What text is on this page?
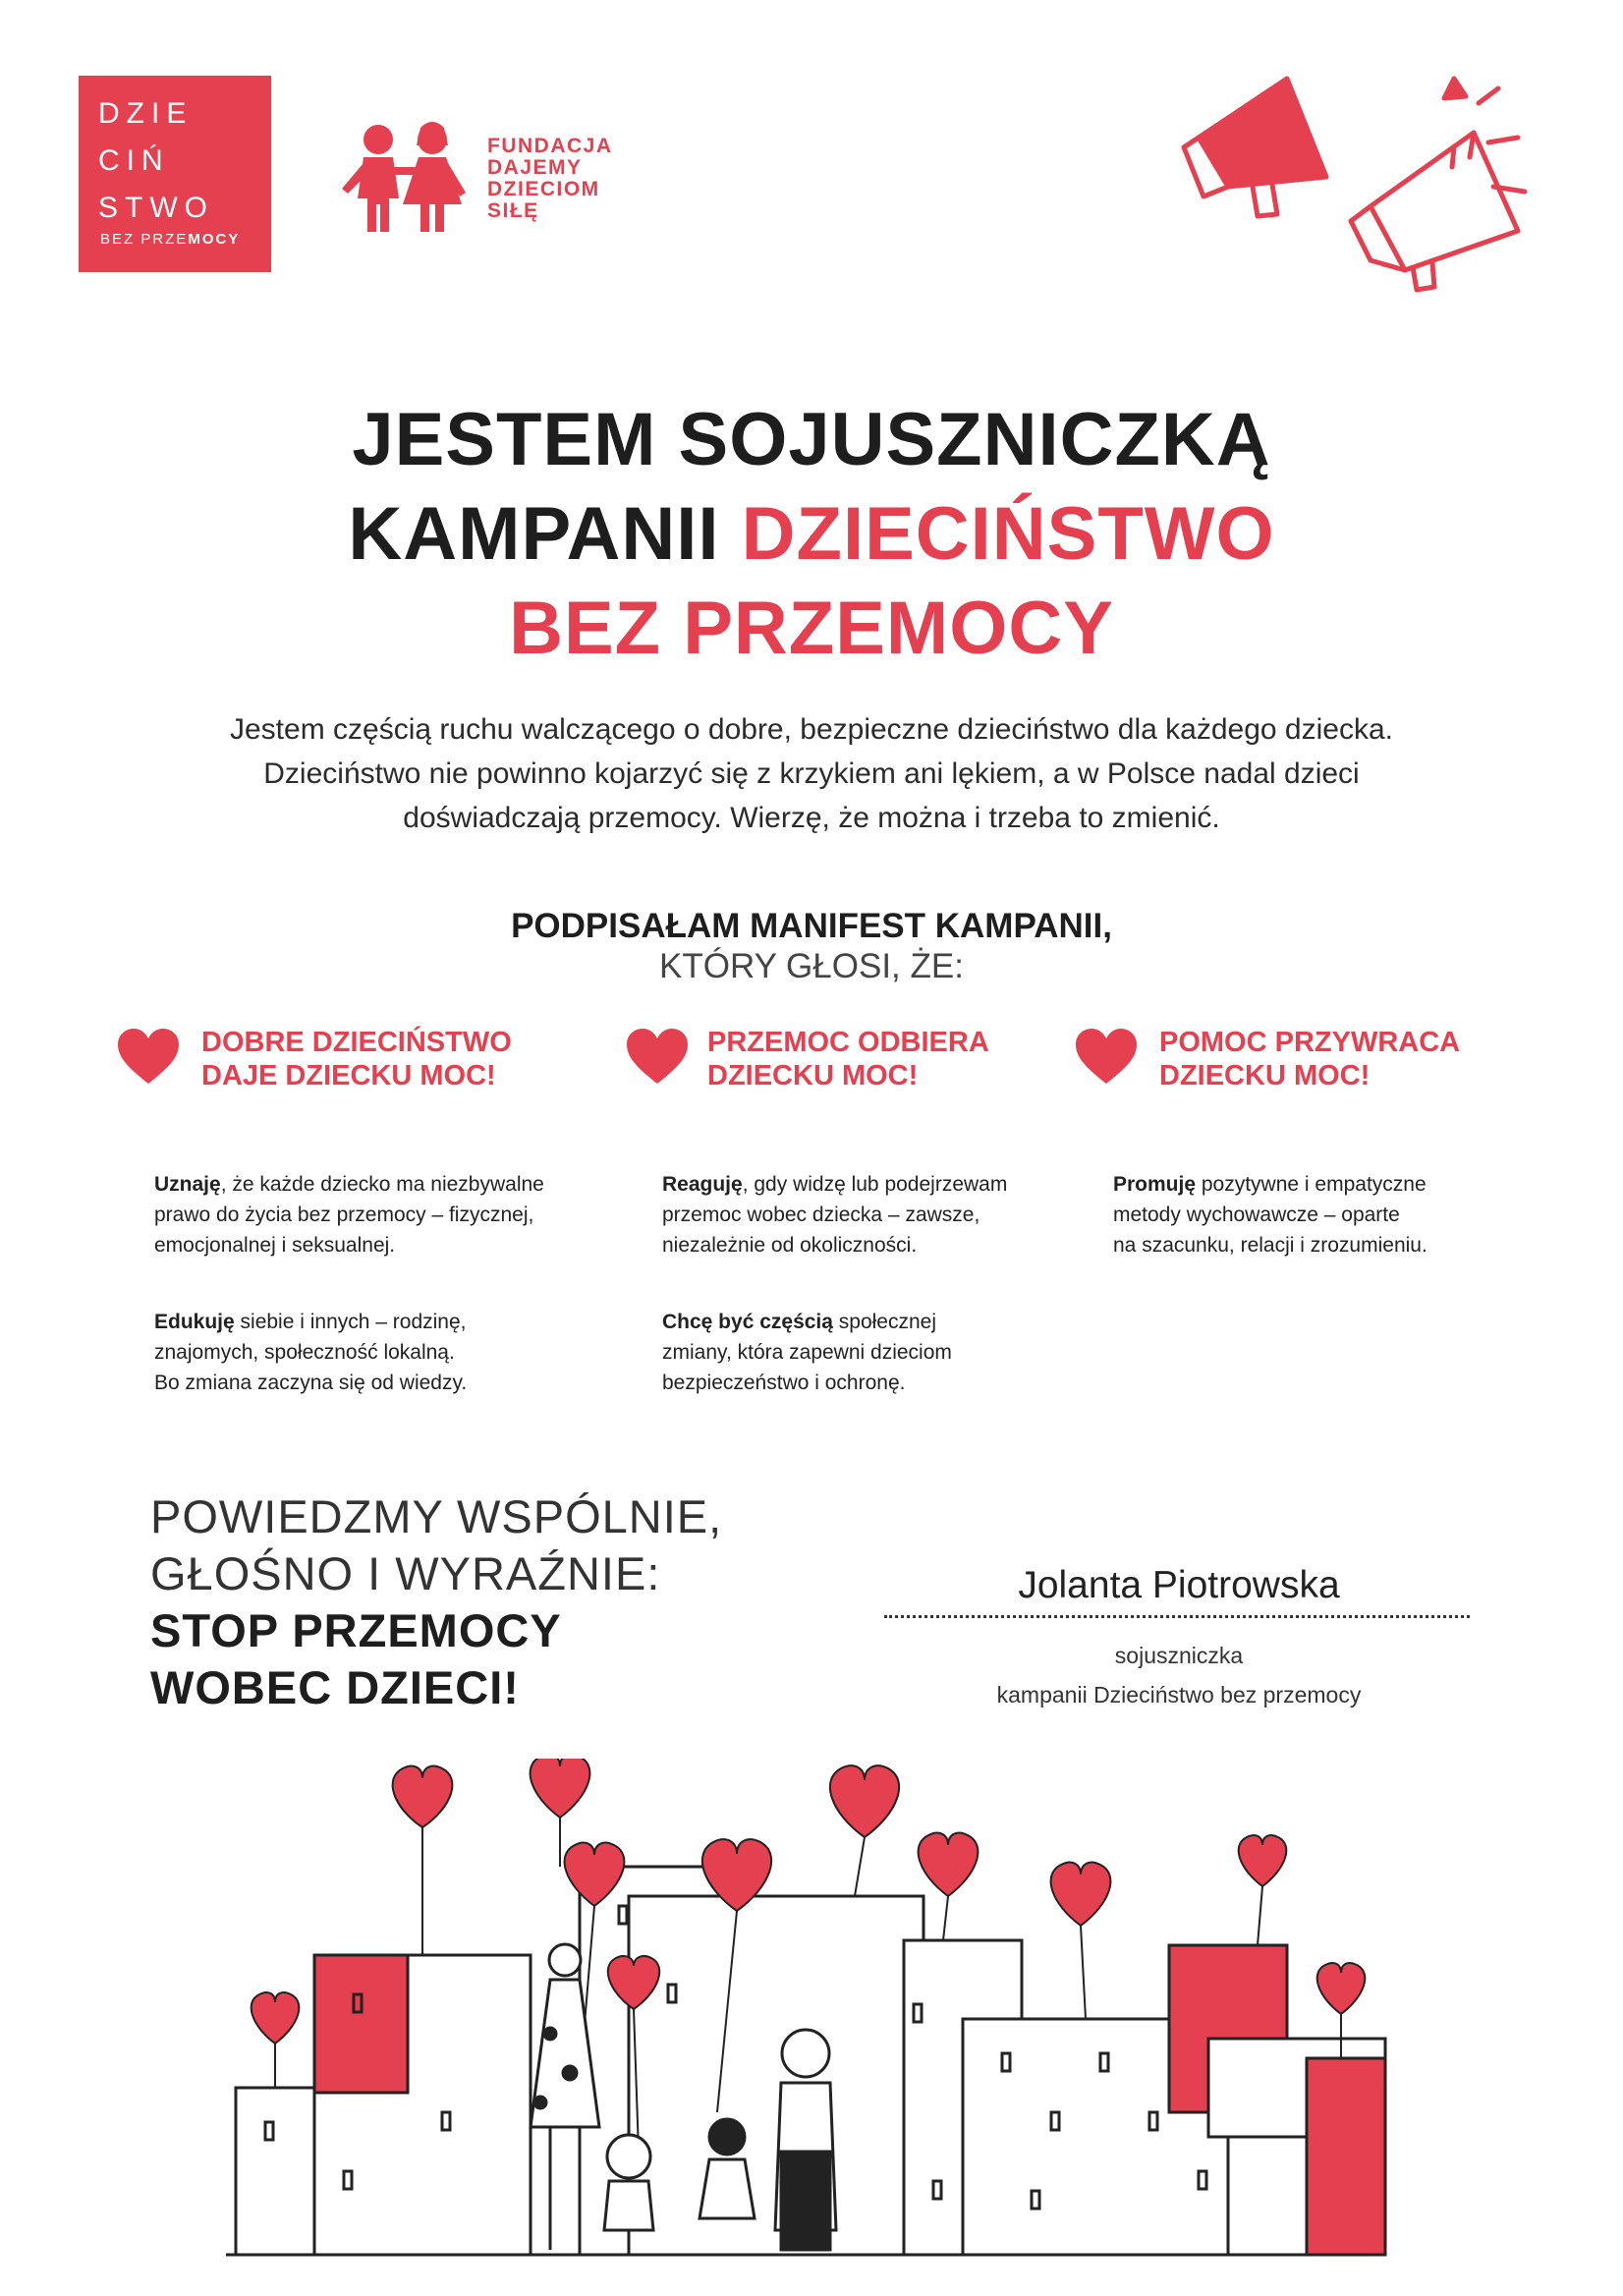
DZIE
CIŃ
STWO
BEZ PRZEMOCY
FUNDACJA
DAJEMY
DZIECIOM
SIŁĘ
JESTEM SOJUSZNICZKĄ
KAMPANII DZIECIŃSTWO
BEZ PRZEMOCY
Jestem częścią ruchu walczącego o dobre, bezpieczne dzieciństwo dla każdego dziecka.
Dzieciństwo nie powinno kojarzyć się z krzykiem ani lękiem, a w Polsce nadal dzieci
doświadczają przemocy. Wierzę, że można i trzeba to zmienić.
PODPISAŁAM MANIFEST KAMPANII,
KTÓRY GŁOSI, ŻE:
DOBRE DZIECIŃSTWO
DAJE DZIECKU MOC!
PRZEMOC ODBIERA
DZIECKU MOC!
POMOC PRZYWRACA
DZIECKU MOC!
Uznaję, że każde dziecko ma niezbywalne
prawo do życia bez przemocy – fizycznej,
emocjonalnej i seksualnej.
Reaguję, gdy widzę lub podejrzewam
przemoc wobec dziecka – zawsze,
niezależnie od okoliczności.
Promuję pozytywne i empatyczne
metody wychowawcze – oparte
na szacunku, relacji i zrozumieniu.
Edukuję siebie i innych – rodzinę,
znajomych, społeczność lokalną.
Bo zmiana zaczyna się od wiedzy.
Chcę być częścią społecznej
zmiany, która zapewni dzieciom
bezpieczeństwo i ochronę.
POWIEDZMY WSPÓLNIE,
GŁOŚNO I WYRAŹNIE:
STOP PRZEMOCY
WOBEC DZIECI!
Jolanta Piotrowska
sojuszniczka
kampanii Dzieciństwo bez przemocy
